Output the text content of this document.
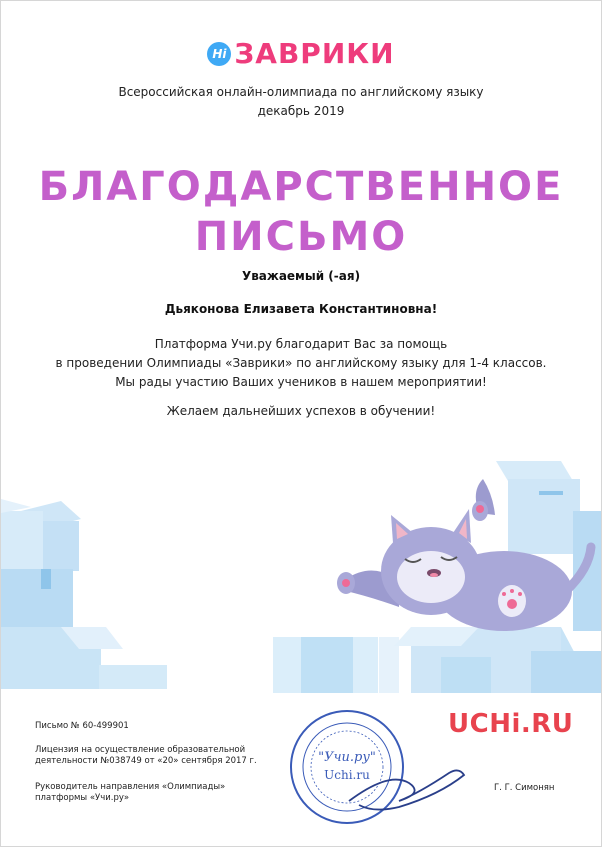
Hi ЗАВРИКИ
Всероссийская онлайн-олимпиада по английскому языку
декабрь 2019
БЛАГОДАРСТВЕННОЕ
ПИСЬМО
Уважаемый (-ая)
Дьяконова Елизавета Константиновна!
Платформа Учи.ру благодарит Вас за помощь
в проведении Олимпиады «Заврики» по английскому языку для 1-4 классов.
Мы рады участию Ваших учеников в нашем мероприятии!
Желаем дальнейших успехов в обучении!
Письмо № 60-499901
Лицензия на осуществление образовательной
деятельности №038749 от «20» сентября 2017 г.
Руководитель направления «Олимпиады»
платформы «Учи.ру»
"Учи.ру"
Uchi.ru
UCHi.RU
Г. Г. Симонян
